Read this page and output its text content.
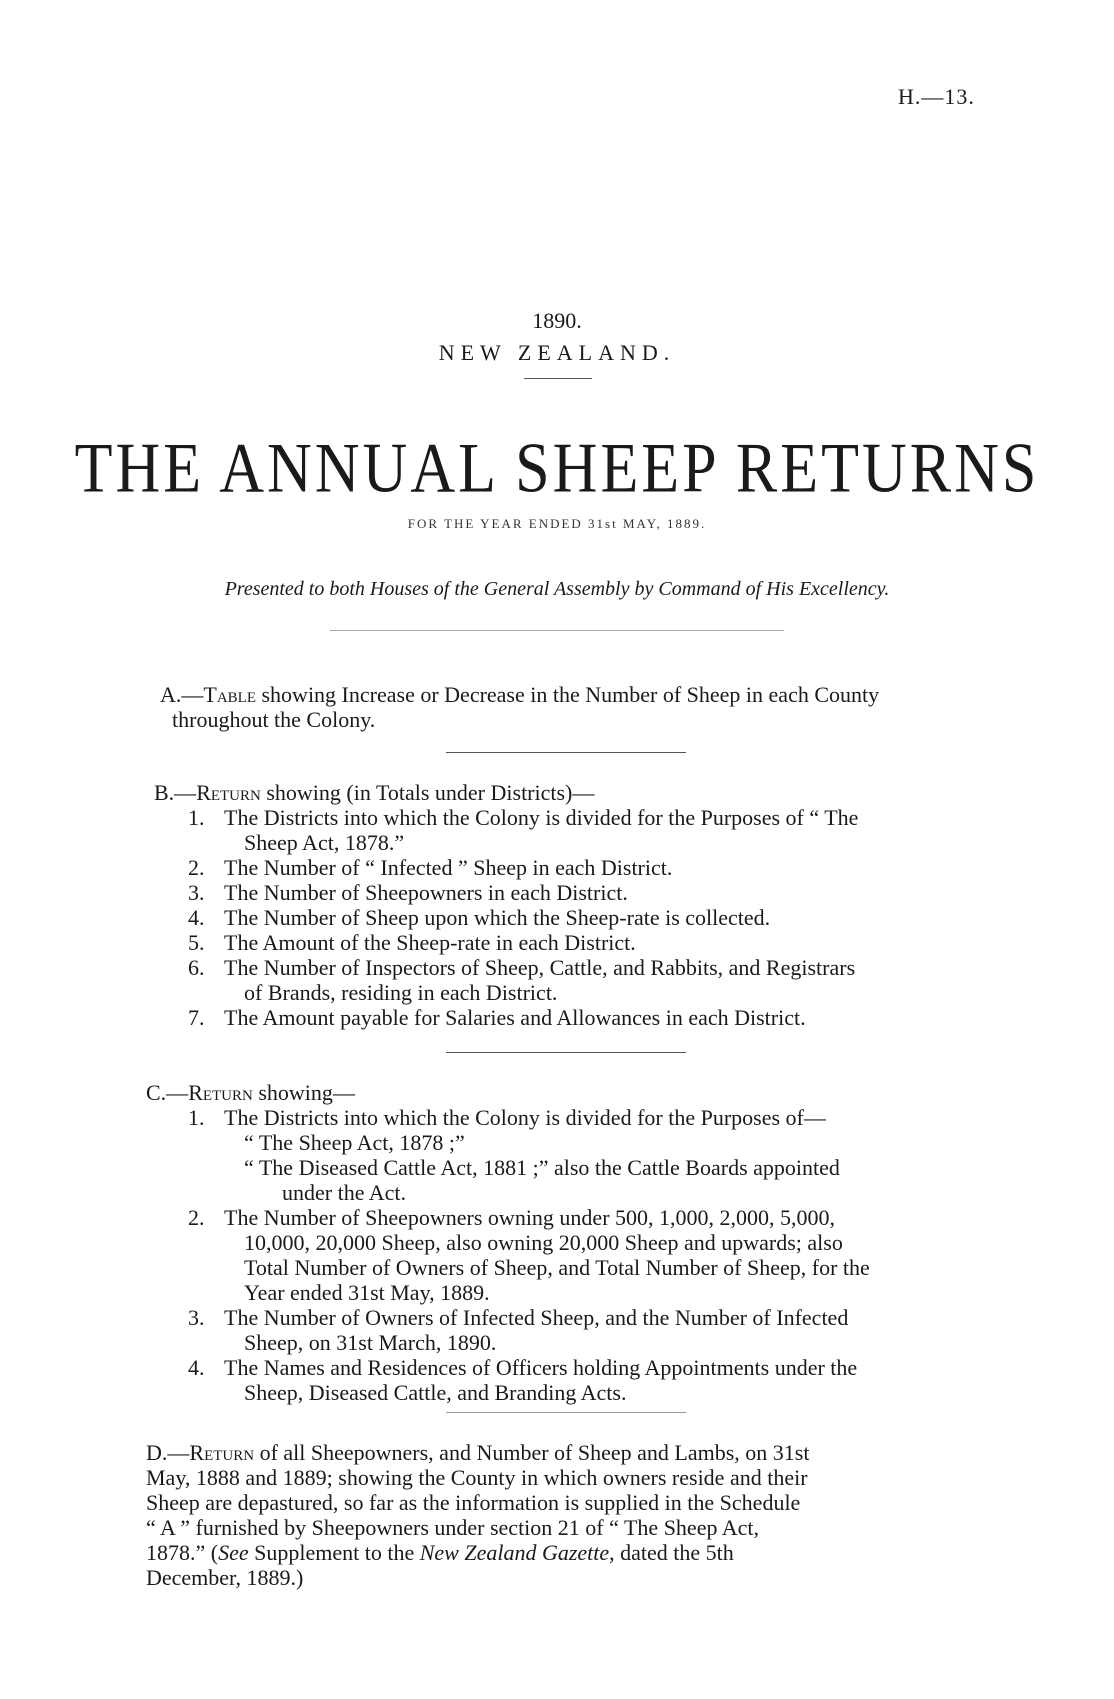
H.—13.
1890.
NEW ZEALAND.
THE ANNUAL SHEEP RETURNS
FOR THE YEAR ENDED 31st MAY, 1889.
Presented to both Houses of the General Assembly by Command of His Excellency.
A.—Table showing Increase or Decrease in the Number of Sheep in each County
throughout the Colony.
B.—Return showing (in Totals under Districts)—
1. The Districts into which the Colony is divided for the Purposes of “ The
Sheep Act, 1878.”
2. The Number of “ Infected ” Sheep in each District.
3. The Number of Sheepowners in each District.
4. The Number of Sheep upon which the Sheep-rate is collected.
5. The Amount of the Sheep-rate in each District.
6. The Number of Inspectors of Sheep, Cattle, and Rabbits, and Registrars
of Brands, residing in each District.
7. The Amount payable for Salaries and Allowances in each District.
C.—Return showing—
1. The Districts into which the Colony is divided for the Purposes of—
“ The Sheep Act, 1878 ;”
“ The Diseased Cattle Act, 1881 ;” also the Cattle Boards appointed
under the Act.
2. The Number of Sheepowners owning under 500, 1,000, 2,000, 5,000,
10,000, 20,000 Sheep, also owning 20,000 Sheep and upwards; also
Total Number of Owners of Sheep, and Total Number of Sheep, for the
Year ended 31st May, 1889.
3. The Number of Owners of Infected Sheep, and the Number of Infected
Sheep, on 31st March, 1890.
4. The Names and Residences of Officers holding Appointments under the
Sheep, Diseased Cattle, and Branding Acts.
D.—Return of all Sheepowners, and Number of Sheep and Lambs, on 31st
May, 1888 and 1889; showing the County in which owners reside and their
Sheep are depastured, so far as the information is supplied in the Schedule
“ A ” furnished by Sheepowners under section 21 of “ The Sheep Act,
1878.” (See Supplement to the New Zealand Gazette, dated the 5th
December, 1889.)
